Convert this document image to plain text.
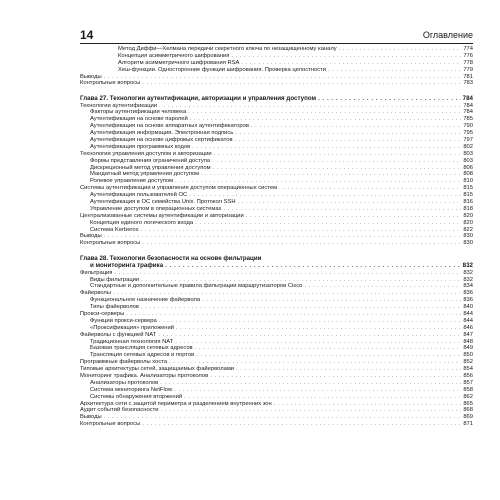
14	Оглавление
Метод Диффи—Хелмана передачи секретного ключа по незащищенному каналу . . .	774
Концепция асимметричного шифрования . . .	776
Алгоритм асимметричного шифрования RSA . . .	778
Хеш-функции. Односторонние функции шифрования. Проверка целостности . . .	779
Выводы . . .	781
Контрольные вопросы . . .	783
Глава 27. Технологии аутентификации, авторизации и управления доступом . . .	784
Технологии аутентификации . . .	784
Факторы аутентификации человека . . .	784
Аутентификация на основе паролей . . .	785
Аутентификация на основе аппаратных аутентификаторов . . .	790
Аутентификация информации. Электронная подпись . . .	795
Аутентификация на основе цифровых сертификатов . . .	797
Аутентификация программных кодов . . .	802
Технологии управления доступом и авторизации . . .	803
Формы представления ограничений доступа . . .	803
Дискреционный метод управления доступом . . .	806
Мандатный метод управления доступом . . .	808
Ролевое управление доступом . . .	810
Системы аутентификации и управления доступом операционных систем . . .	815
Аутентификация пользователей ОС . . .	815
Аутентификация в ОС семейства Unix. Протокол SSH . . .	816
Управление доступом в операционных системах . . .	818
Централизованные системы аутентификации и авторизации . . .	820
Концепция единого логического входа . . .	820
Система Kerberos . . .	822
Выводы . . .	830
Контрольные вопросы . . .	830
Глава 28. Технологии безопасности на основе фильтрации
и мониторинга трафика . . .	832
Фильтрация . . .	832
Виды фильтрации . . .	832
Стандартные и дополнительные правила фильтрации маршрутизаторов Cisco . . .	834
Файерволы . . .	836
Функциональное назначение файервола . . .	836
Типы файерволов . . .	840
Прокси-серверы . . .	844
Функции прокси-сервера . . .	844
«Проксификация» приложений . . .	846
Файерволы с функцией NAT . . .	847
Традиционная технология NAT . . .	848
Базовая трансляция сетевых адресов . . .	849
Трансляция сетевых адресов и портов . . .	850
Программные файерволы хоста . . .	852
Типовые архитектуры сетей, защищаемых файерволами . . .	854
Мониторинг трафика. Анализаторы протоколов . . .	856
Анализаторы протоколов . . .	857
Система мониторинга NetFlow . . .	858
Системы обнаружения вторжений . . .	862
Архитектура сети с защитой периметра и разделением внутренних зон . . .	865
Аудит событий безопасности . . .	868
Выводы . . .	869
Контрольные вопросы . . .	871
